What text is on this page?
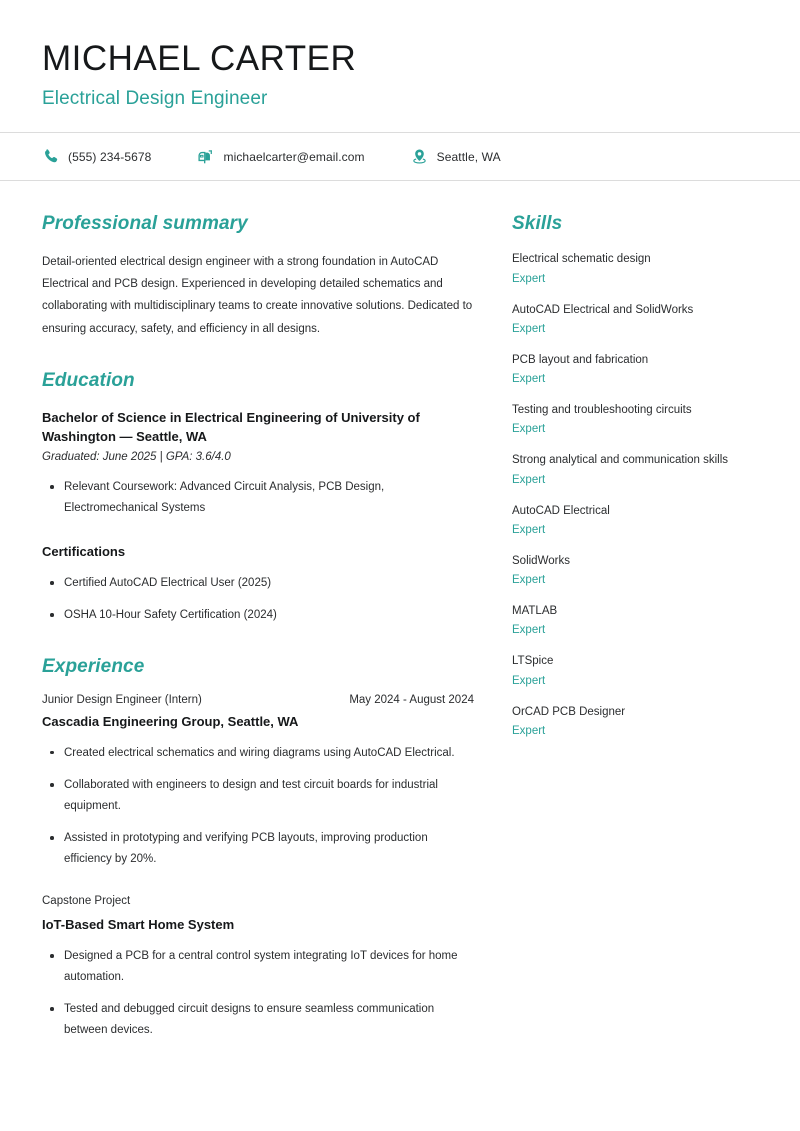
MICHAEL CARTER
Electrical Design Engineer
(555) 234-5678	michaelcarter@email.com	Seattle, WA
Professional summary
Detail-oriented electrical design engineer with a strong foundation in AutoCAD Electrical and PCB design. Experienced in developing detailed schematics and collaborating with multidisciplinary teams to create innovative solutions. Dedicated to ensuring accuracy, safety, and efficiency in all designs.
Education
Bachelor of Science in Electrical Engineering of University of Washington — Seattle, WA
Graduated: June 2025 | GPA: 3.6/4.0
Relevant Coursework: Advanced Circuit Analysis, PCB Design, Electromechanical Systems
Certifications
Certified AutoCAD Electrical User (2025)
OSHA 10-Hour Safety Certification (2024)
Experience
Junior Design Engineer (Intern)	May 2024 - August 2024
Cascadia Engineering Group, Seattle, WA
Created electrical schematics and wiring diagrams using AutoCAD Electrical.
Collaborated with engineers to design and test circuit boards for industrial equipment.
Assisted in prototyping and verifying PCB layouts, improving production efficiency by 20%.
Capstone Project
IoT-Based Smart Home System
Designed a PCB for a central control system integrating IoT devices for home automation.
Tested and debugged circuit designs to ensure seamless communication between devices.
Skills
Electrical schematic design
Expert
AutoCAD Electrical and SolidWorks
Expert
PCB layout and fabrication
Expert
Testing and troubleshooting circuits
Expert
Strong analytical and communication skills
Expert
AutoCAD Electrical
Expert
SolidWorks
Expert
MATLAB
Expert
LTSpice
Expert
OrCAD PCB Designer
Expert
